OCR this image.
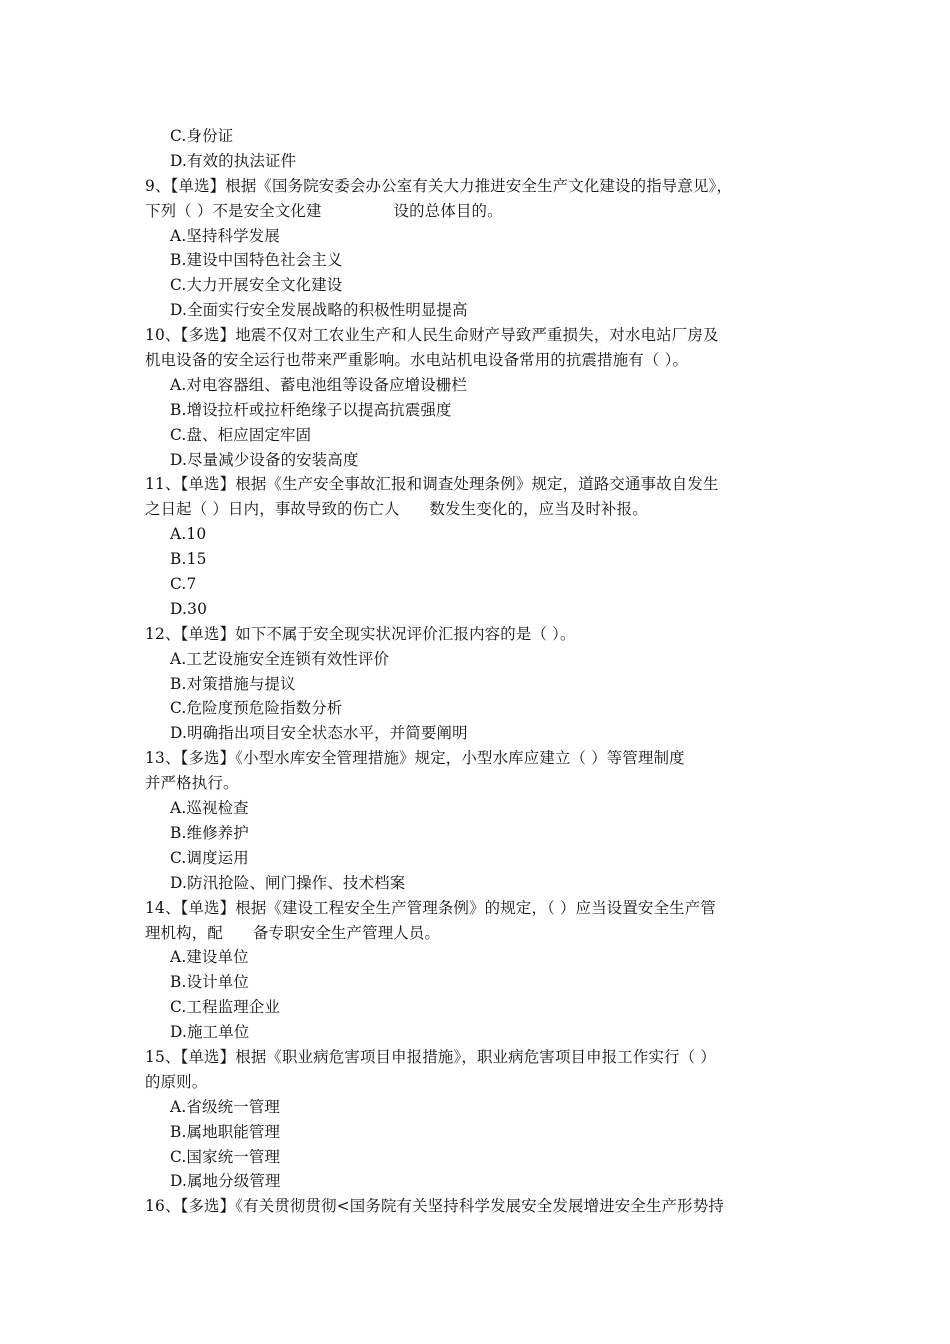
C.身份证
D.有效的执法证件
9、【单选】根据《国务院安委会办公室有关大力推进安全生产文化建设的指导意见》，
下列（ ）不是安全文化建	设的总体目的。
A.坚持科学发展
B.建设中国特色社会主义
C.大力开展安全文化建设
D.全面实行安全发展战略的积极性明显提高
10、【多选】地震不仅对工农业生产和人民生命财产导致严重损失，对水电站厂房及
机电设备的安全运行也带来严重影响。水电站机电设备常用的抗震措施有（ ）。
A.对电容器组、蓄电池组等设备应增设栅栏
B.增设拉杆或拉杆绝缘子以提高抗震强度
C.盘、柜应固定牢固
D.尽量减少设备的安装高度
11、【单选】根据《生产安全事故汇报和调查处理条例》规定，道路交通事故自发生
之日起（ ）日内，事故导致的伤亡人 数发生变化的，应当及时补报。
A.10
B.15
C.7
D.30
12、【单选】如下不属于安全现实状况评价汇报内容的是（ ）。
A.工艺设施安全连锁有效性评价
B.对策措施与提议
C.危险度预危险指数分析
D.明确指出项目安全状态水平，并简要阐明
13、【多选】《小型水库安全管理措施》规定，小型水库应建立（ ）等管理制度
并严格执行。
A.巡视检查
B.维修养护
C.调度运用
D.防汛抢险、闸门操作、技术档案
14、【单选】根据《建设工程安全生产管理条例》的规定，（ ）应当设置安全生产管
理机构，配 备专职安全生产管理人员。
A.建设单位
B.设计单位
C.工程监理企业
D.施工单位
15、【单选】根据《职业病危害项目申报措施》，职业病危害项目申报工作实行（ ）
的原则。
A.省级统一管理
B.属地职能管理
C.国家统一管理
D.属地分级管理
16、【多选】《有关贯彻贯彻<国务院有关坚持科学发展安全发展增进安全生产形势持
